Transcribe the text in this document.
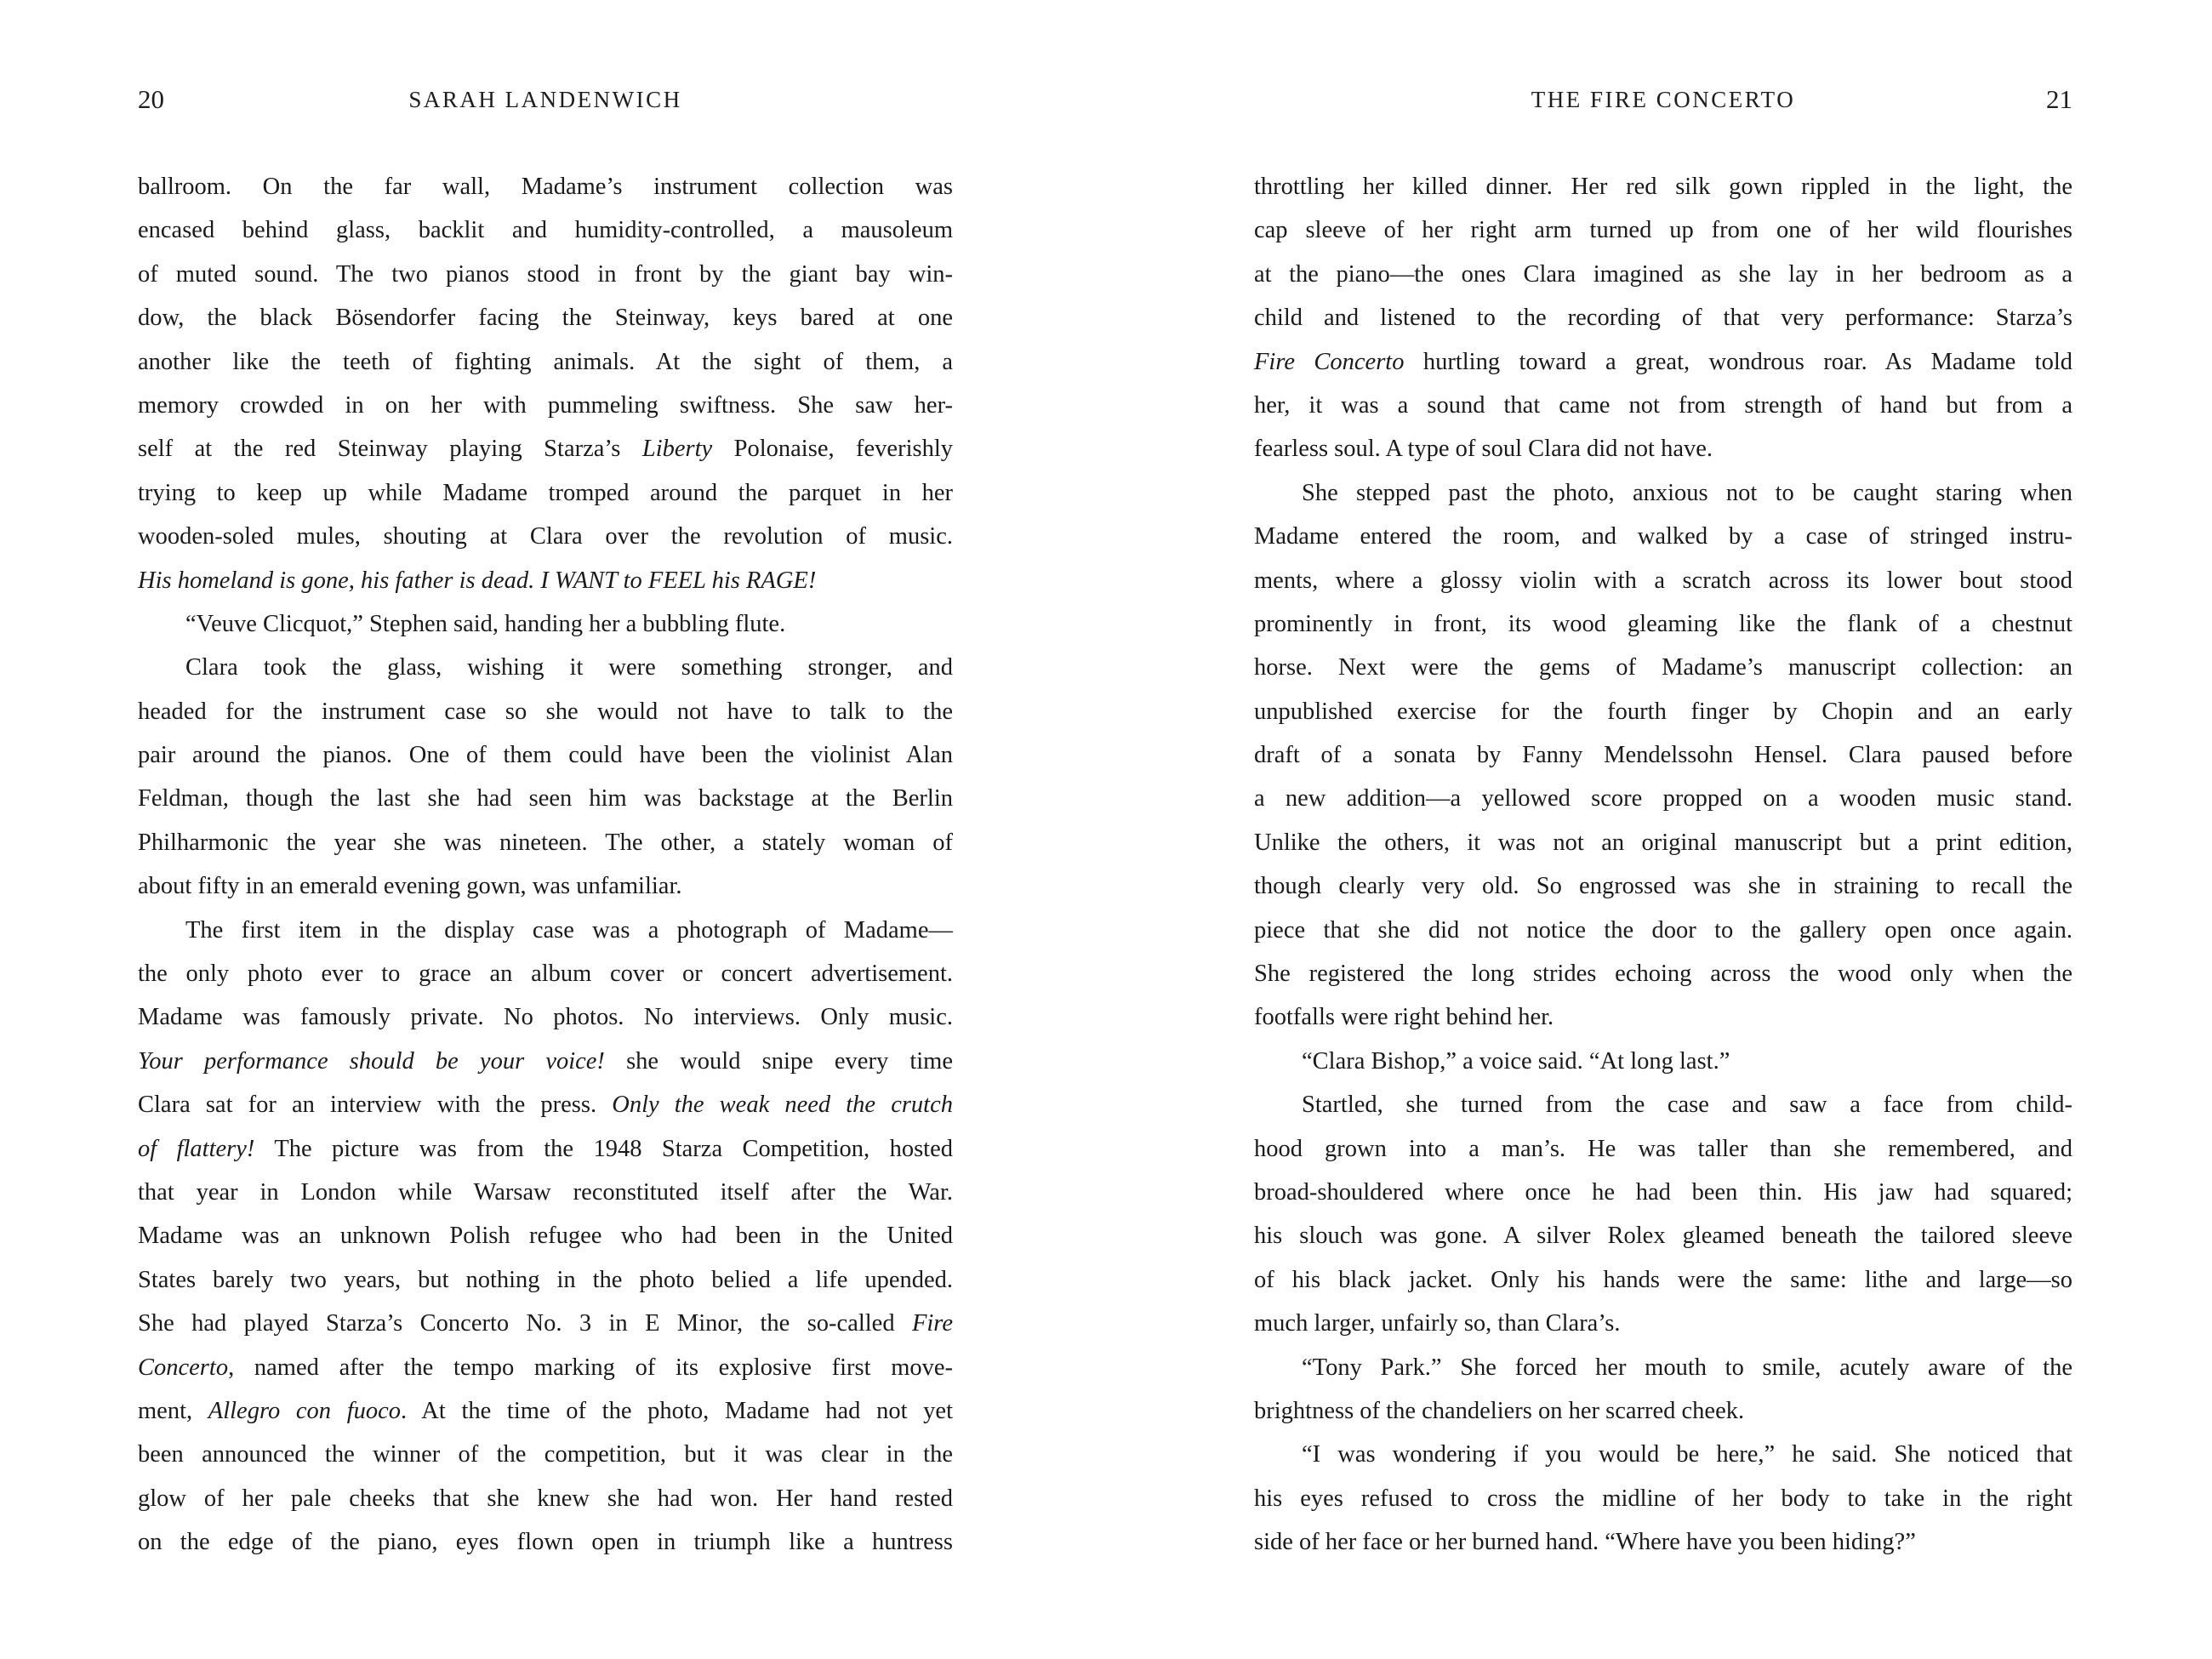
20	SARAH LANDENWICH
ballroom. On the far wall, Madame’s instrument collection was
encased behind glass, backlit and humidity-controlled, a mausoleum
of muted sound. The two pianos stood in front by the giant bay win-
dow, the black Bösendorfer facing the Steinway, keys bared at one
another like the teeth of fighting animals. At the sight of them, a
memory crowded in on her with pummeling swiftness. She saw her-
self at the red Steinway playing Starza’s Liberty Polonaise, feverishly
trying to keep up while Madame tromped around the parquet in her
wooden-soled mules, shouting at Clara over the revolution of music.
His homeland is gone, his father is dead. I WANT to FEEL his RAGE!
“Veuve Clicquot,” Stephen said, handing her a bubbling flute.
Clara took the glass, wishing it were something stronger, and
headed for the instrument case so she would not have to talk to the
pair around the pianos. One of them could have been the violinist Alan
Feldman, though the last she had seen him was backstage at the Berlin
Philharmonic the year she was nineteen. The other, a stately woman of
about fifty in an emerald evening gown, was unfamiliar.
The first item in the display case was a photograph of Madame—
the only photo ever to grace an album cover or concert advertisement.
Madame was famously private. No photos. No interviews. Only music.
Your performance should be your voice! she would snipe every time
Clara sat for an interview with the press. Only the weak need the crutch
of flattery! The picture was from the 1948 Starza Competition, hosted
that year in London while Warsaw reconstituted itself after the War.
Madame was an unknown Polish refugee who had been in the United
States barely two years, but nothing in the photo belied a life upended.
She had played Starza’s Concerto No. 3 in E Minor, the so-called Fire
Concerto, named after the tempo marking of its explosive first move-
ment, Allegro con fuoco. At the time of the photo, Madame had not yet
been announced the winner of the competition, but it was clear in the
glow of her pale cheeks that she knew she had won. Her hand rested
on the edge of the piano, eyes flown open in triumph like a huntress
THE FIRE CONCERTO	21
throttling her killed dinner. Her red silk gown rippled in the light, the
cap sleeve of her right arm turned up from one of her wild flourishes
at the piano—the ones Clara imagined as she lay in her bedroom as a
child and listened to the recording of that very performance: Starza’s
Fire Concerto hurtling toward a great, wondrous roar. As Madame told
her, it was a sound that came not from strength of hand but from a
fearless soul. A type of soul Clara did not have.
She stepped past the photo, anxious not to be caught staring when
Madame entered the room, and walked by a case of stringed instru-
ments, where a glossy violin with a scratch across its lower bout stood
prominently in front, its wood gleaming like the flank of a chestnut
horse. Next were the gems of Madame’s manuscript collection: an
unpublished exercise for the fourth finger by Chopin and an early
draft of a sonata by Fanny Mendelssohn Hensel. Clara paused before
a new addition—a yellowed score propped on a wooden music stand.
Unlike the others, it was not an original manuscript but a print edition,
though clearly very old. So engrossed was she in straining to recall the
piece that she did not notice the door to the gallery open once again.
She registered the long strides echoing across the wood only when the
footfalls were right behind her.
“Clara Bishop,” a voice said. “At long last.”
Startled, she turned from the case and saw a face from child-
hood grown into a man’s. He was taller than she remembered, and
broad-shouldered where once he had been thin. His jaw had squared;
his slouch was gone. A silver Rolex gleamed beneath the tailored sleeve
of his black jacket. Only his hands were the same: lithe and large—so
much larger, unfairly so, than Clara’s.
“Tony Park.” She forced her mouth to smile, acutely aware of the
brightness of the chandeliers on her scarred cheek.
“I was wondering if you would be here,” he said. She noticed that
his eyes refused to cross the midline of her body to take in the right
side of her face or her burned hand. “Where have you been hiding?”
